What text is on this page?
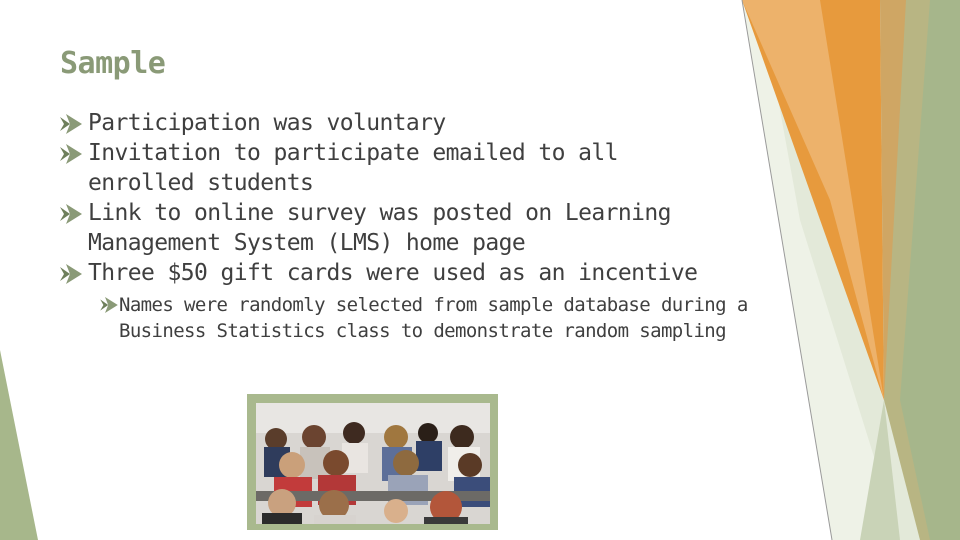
Sample
Participation was voluntary
Invitation to participate emailed to all enrolled students
Link to online survey was posted on Learning Management System (LMS) home page
Three $50 gift cards were used as an incentive
Names were randomly selected from sample database during a Business Statistics class to demonstrate random sampling
